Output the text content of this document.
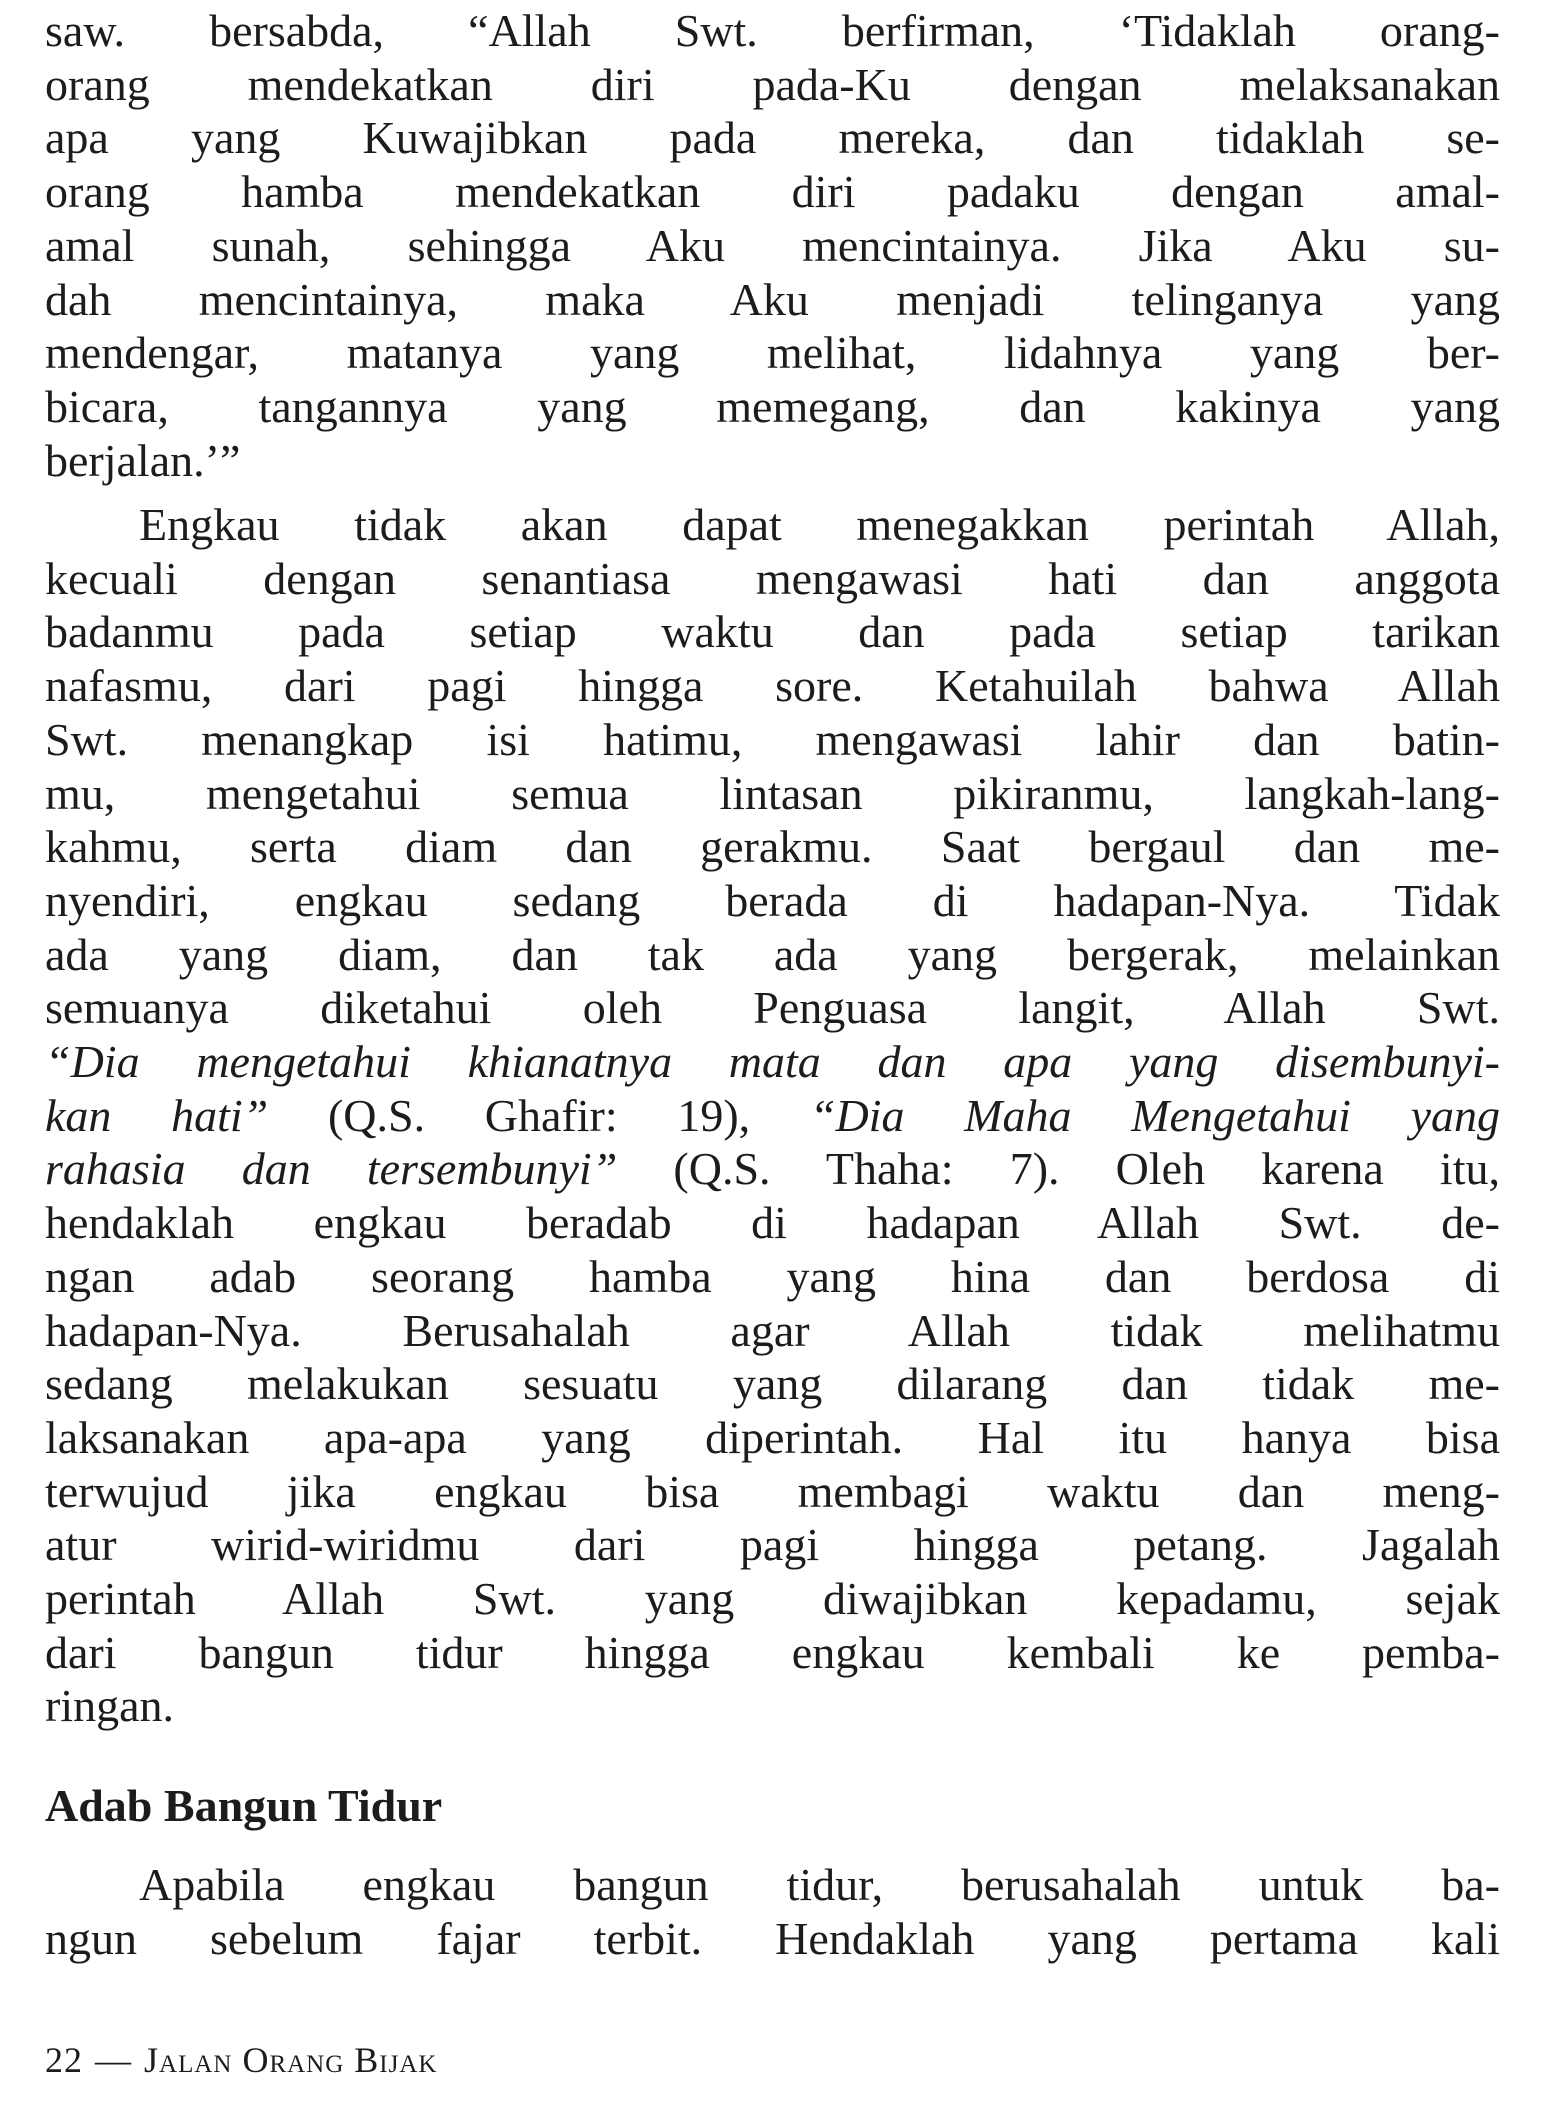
saw. bersabda, “Allah Swt. berfirman, ‘Tidaklah orang-

orang mendekatkan diri pada-Ku dengan melaksanakan

apa yang Kuwajibkan pada mereka, dan tidaklah se-

orang hamba mendekatkan diri padaku dengan amal-

amal sunah, sehingga Aku mencintainya. Jika Aku su-

dah mencintainya, maka Aku menjadi telinganya yang

mendengar, matanya yang melihat, lidahnya yang ber-

bicara, tangannya yang memegang, dan kakinya yang

berjalan.’”

Engkau tidak akan dapat menegakkan perintah Allah,

kecuali dengan senantiasa mengawasi hati dan anggota

badanmu pada setiap waktu dan pada setiap tarikan

nafasmu, dari pagi hingga sore. Ketahuilah bahwa Allah

Swt. menangkap isi hatimu, mengawasi lahir dan batin-

mu, mengetahui semua lintasan pikiranmu, langkah-lang-

kahmu, serta diam dan gerakmu. Saat bergaul dan me-

nyendiri, engkau sedang berada di hadapan-Nya. Tidak

ada yang diam, dan tak ada yang bergerak, melainkan

semuanya diketahui oleh Penguasa langit, Allah Swt.

“Dia mengetahui khianatnya mata dan apa yang disembunyi-

kan hati” (Q.S. Ghafir: 19), “Dia Maha Mengetahui yang

rahasia dan tersembunyi” (Q.S. Thaha: 7). Oleh karena itu,

hendaklah engkau beradab di hadapan Allah Swt. de-

ngan adab seorang hamba yang hina dan berdosa di

hadapan-Nya. Berusahalah agar Allah tidak melihatmu

sedang melakukan sesuatu yang dilarang dan tidak me-

laksanakan apa-apa yang diperintah. Hal itu hanya bisa

terwujud jika engkau bisa membagi waktu dan meng-

atur wirid-wiridmu dari pagi hingga petang. Jagalah

perintah Allah Swt. yang diwajibkan kepadamu, sejak

dari bangun tidur hingga engkau kembali ke pemba-

ringan.

Adab Bangun Tidur

Apabila engkau bangun tidur, berusahalah untuk ba-

ngun sebelum fajar terbit. Hendaklah yang pertama kali

22 — Jalan Orang Bijak
